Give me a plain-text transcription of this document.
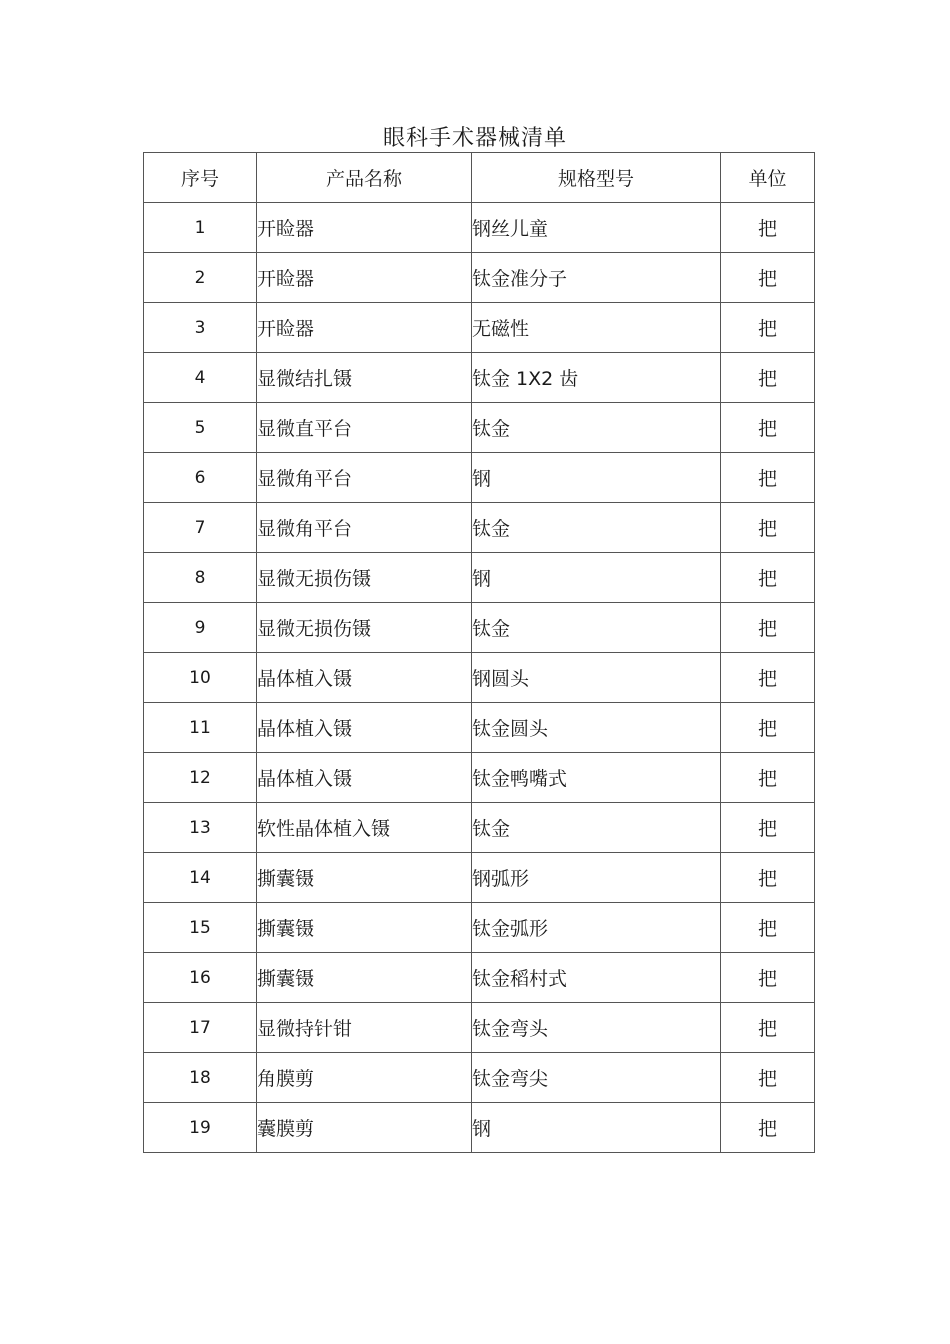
眼科手术器械清单
序号	产品名称	规格型号	单位
1	开睑器	钢丝儿童	把
2	开睑器	钛金准分子	把
3	开睑器	无磁性	把
4	显微结扎镊	钛金 1X2 齿	把
5	显微直平台	钛金	把
6	显微角平台	钢	把
7	显微角平台	钛金	把
8	显微无损伤镊	钢	把
9	显微无损伤镊	钛金	把
10	晶体植入镊	钢圆头	把
11	晶体植入镊	钛金圆头	把
12	晶体植入镊	钛金鸭嘴式	把
13	软性晶体植入镊	钛金	把
14	撕囊镊	钢弧形	把
15	撕囊镊	钛金弧形	把
16	撕囊镊	钛金稻村式	把
17	显微持针钳	钛金弯头	把
18	角膜剪	钛金弯尖	把
19	囊膜剪	钢	把
